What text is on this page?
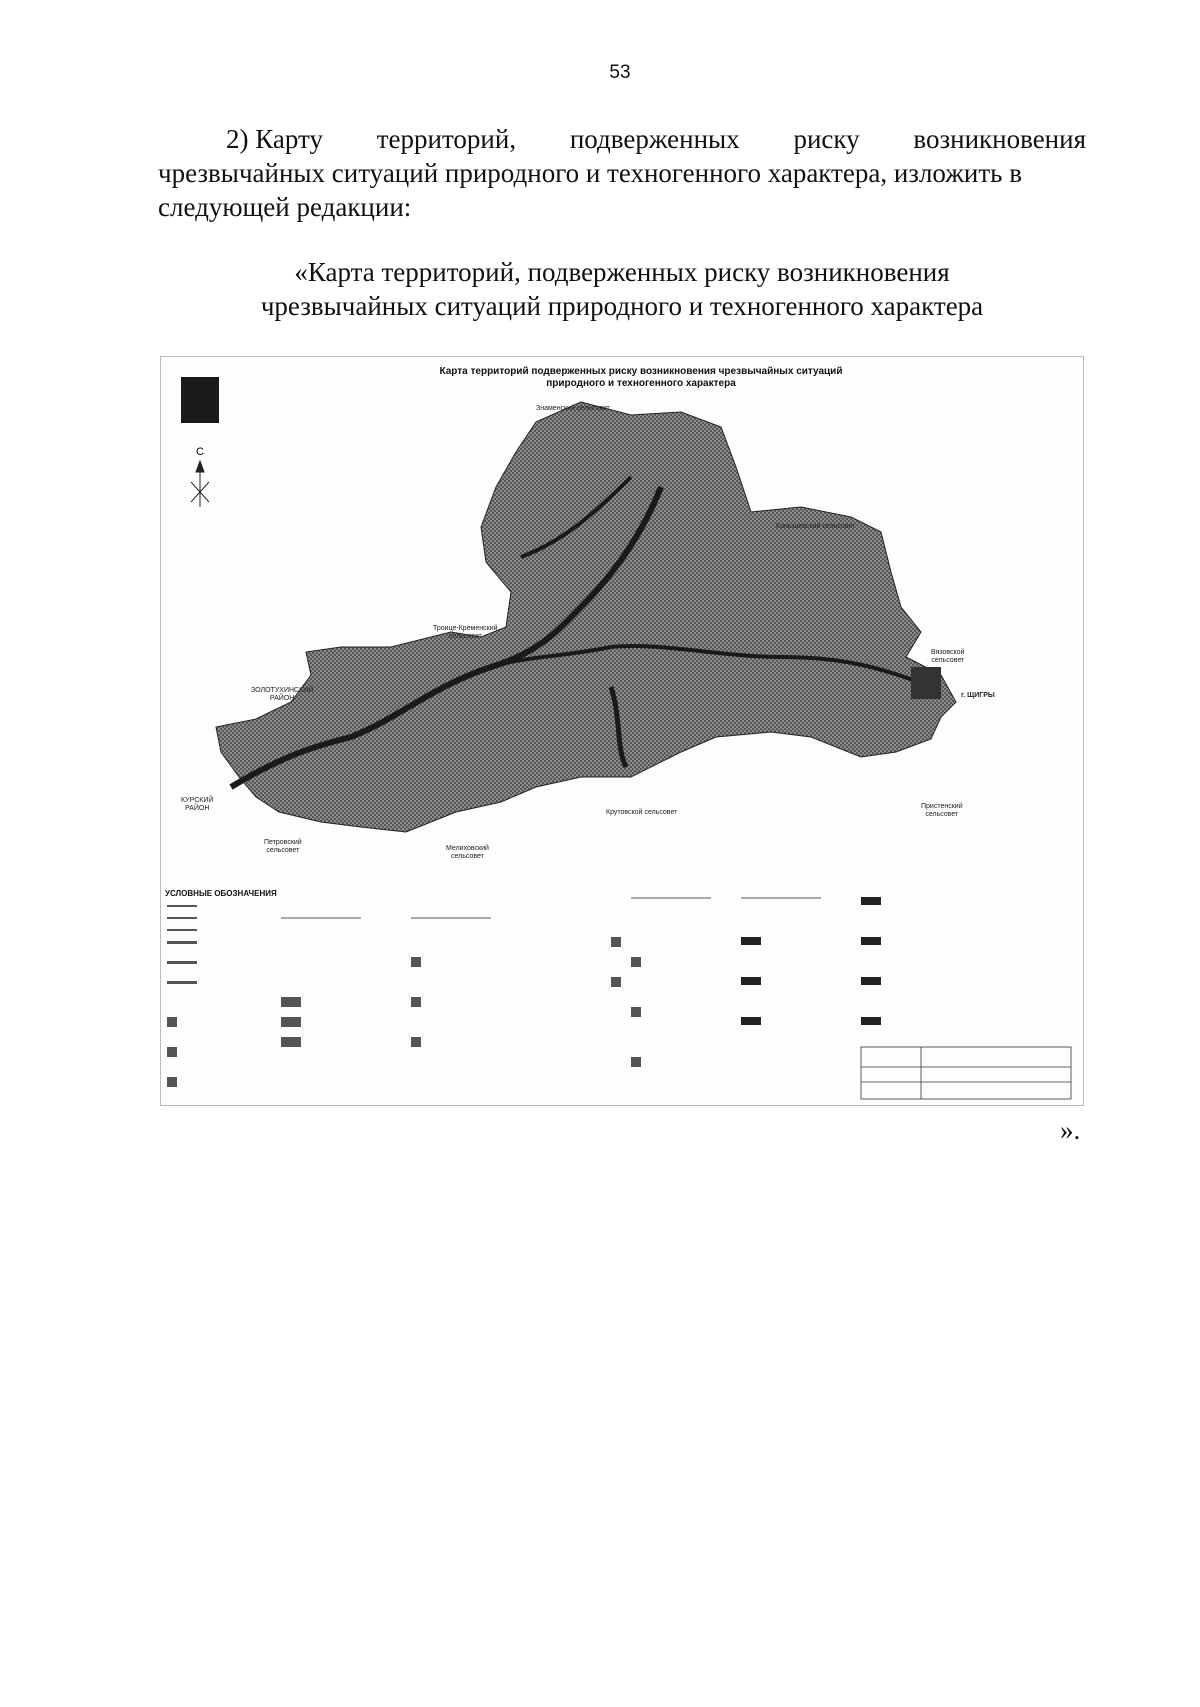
53
2) Карту территорий, подверженных риску возникновения
чрезвычайных ситуаций природного и техногенного характера, изложить в
следующей редакции:
«Карта территорий, подверженных риску возникновения
чрезвычайных ситуаций природного и техногенного характера
С
Карта территорий подверженных риску возникновения чрезвычайных ситуаций
природного и техногенного характера
Знаменский сельсовет
Конышевский сельсовет
Троице-Кременский
сельсовет
ЗОЛОТУХИНСКИЙ
РАЙОН
Вязовской
сельсовет
г. ЩИГРЫ
КУРСКИЙ
РАЙОН
Крутовской сельсовет
Пристенский
сельсовет
Петровский
сельсовет	Мелиховский
сельсовет
УСЛОВНЫЕ ОБОЗНАЧЕНИЯ
».
